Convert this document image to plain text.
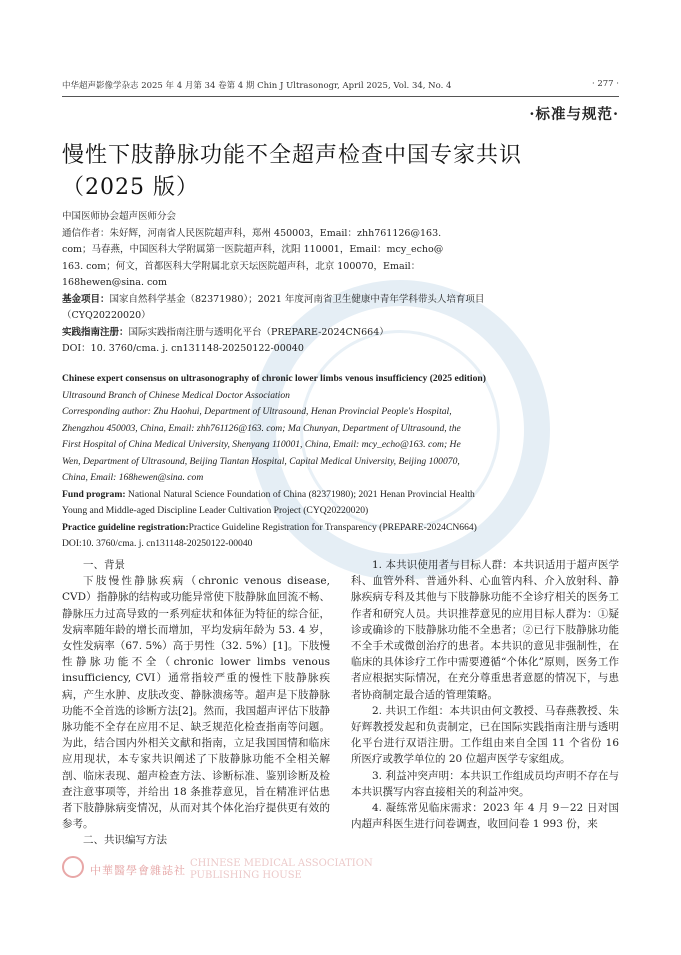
中华超声影像学杂志 2025 年 4 月第 34 卷第 4 期 Chin J Ultrasonogr, April 2025, Vol. 34, No. 4	· 277 ·
·标准与规范·
慢性下肢静脉功能不全超声检查中国专家共识
（2025 版）
中国医师协会超声医师分会
通信作者：朱好辉，河南省人民医院超声科，郑州 450003，Email：zhh761126@163.
com；马春燕，中国医科大学附属第一医院超声科，沈阳 110001，Email：mcy_echo@
163. com；何文，首都医科大学附属北京天坛医院超声科，北京 100070，Email：
168hewen@sina. com
基金项目：国家自然科学基金（82371980）；2021 年度河南省卫生健康中青年学科带头人培育项目
（CYQ20220020）
实践指南注册：国际实践指南注册与透明化平台（PREPARE-2024CN664）
DOI：10. 3760/cma. j. cn131148-20250122-00040
Chinese expert consensus on ultrasonography of chronic lower limbs venous insufficiency (2025 edition)
Ultrasound Branch of Chinese Medical Doctor Association
Corresponding author: Zhu Haohui, Department of Ultrasound, Henan Provincial People's Hospital,
Zhengzhou 450003, China, Email: zhh761126@163. com; Ma Chunyan, Department of Ultrasound, the
First Hospital of China Medical University, Shenyang 110001, China, Email: mcy_echo@163. com; He
Wen, Department of Ultrasound, Beijing Tiantan Hospital, Capital Medical University, Beijing 100070,
China, Email: 168hewen@sina. com
Fund program: National Natural Science Foundation of China (82371980); 2021 Henan Provincial Health
Young and Middle-aged Discipline Leader Cultivation Project (CYQ20220020)
Practice guideline registration:Practice Guideline Registration for Transparency (PREPARE-2024CN664)
DOI:10. 3760/cma. j. cn131148-20250122-00040

一、背景

下肢慢性静脉疾病（chronic venous disease, CVD）指静脉的结构或功能异常使下肢静脉血回流不畅、静脉压力过高导致的一系列症状和体征为特征的综合征，发病率随年龄的增长而增加，平均发病年龄为 53. 4 岁，女性发病率（67. 5%）高于男性（32. 5%）[1]。下肢慢性静脉功能不全（chronic lower limbs venous insufficiency, CVI）通常指较严重的慢性下肢静脉疾病，产生水肿、皮肤改变、静脉溃疡等。超声是下肢静脉功能不全首选的诊断方法[2]。然而，我国超声评估下肢静脉功能不全存在应用不足、缺乏规范化检查指南等问题。为此，结合国内外相关文献和指南，立足我国国情和临床应用现状，本专家共识阐述了下肢静脉功能不全相关解剖、临床表现、超声检查方法、诊断标准、鉴别诊断及检查注意事项等，并给出 18 条推荐意见，旨在精准评估患者下肢静脉病变情况，从而对其个体化治疗提供更有效的参考。

二、共识编写方法

1. 本共识使用者与目标人群：本共识适用于超声医学科、血管外科、普通外科、心血管内科、介入放射科、静脉疾病专科及其他与下肢静脉功能不全诊疗相关的医务工作者和研究人员。共识推荐意见的应用目标人群为：①疑诊或确诊的下肢静脉功能不全患者；②已行下肢静脉功能不全手术或微创治疗的患者。本共识的意见非强制性，在临床的具体诊疗工作中需要遵循“个体化”原则，医务工作者应根据实际情况，在充分尊重患者意愿的情况下，与患者协商制定最合适的管理策略。

2. 共识工作组：本共识由何文教授、马春燕教授、朱好辉教授发起和负责制定，已在国际实践指南注册与透明化平台进行双语注册。工作组由来自全国 11 个省份 16 所医疗或教学单位的 20 位超声医学专家组成。

3. 利益冲突声明：本共识工作组成员均声明不存在与本共识撰写内容直接相关的利益冲突。

4. 凝练常见临床需求：2023 年 4 月 9－22 日对国内超声科医生进行问卷调查，收回问卷 1 993 份，来

中華醫學會雜誌社
CHINESE MEDICAL ASSOCIATION
PUBLISHING HOUSE
